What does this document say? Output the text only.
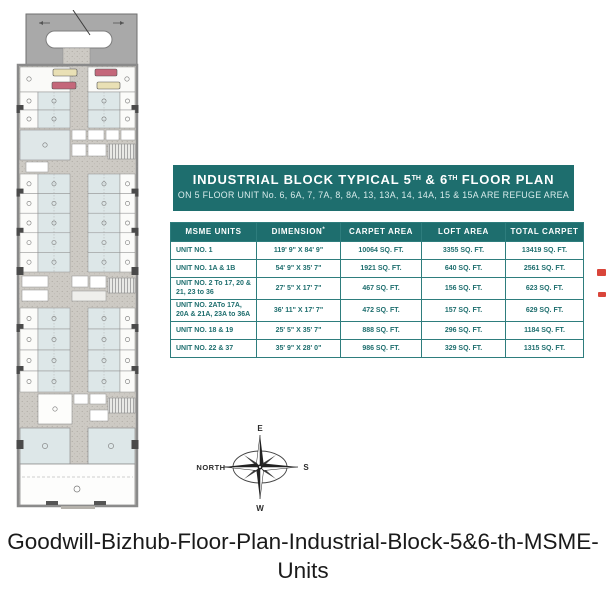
INDUSTRIAL BLOCK TYPICAL 5TH & 6TH FLOOR PLAN
ON 5 FLOOR UNIT No. 6, 6A, 7, 7A, 8, 8A, 13, 13A, 14, 14A, 15 & 15A ARE REFUGE AREA
MSME UNITS	DIMENSION*	CARPET AREA	LOFT AREA	TOTAL CARPET
UNIT NO. 1	119' 9" X 84' 9"	10064 SQ. FT.	3355 SQ. FT.	13419 SQ. FT.
UNIT NO. 1A & 1B	54' 9" X 35' 7"	1921 SQ. FT.	640 SQ. FT.	2561 SQ. FT.
UNIT NO. 2 To 17, 20 & 21, 23 to 36	27' 5" X 17' 7"	467 SQ. FT.	156 SQ. FT.	623 SQ. FT.
UNIT NO. 2ATo 17A, 20A & 21A, 23A to 36A	36' 11" X 17' 7"	472 SQ. FT.	157 SQ. FT.	629 SQ. FT.
UNIT NO. 18 & 19	25' 5" X 35' 7"	888 SQ. FT.	296 SQ. FT.	1184 SQ. FT.
UNIT NO. 22 & 37	35' 9" X 28' 0"	986 SQ. FT.	329 SQ. FT.	1315 SQ. FT.
E
S
W
NORTH
Goodwill-Bizhub-Floor-Plan-Industrial-Block-5&6-th-MSME-
Units
